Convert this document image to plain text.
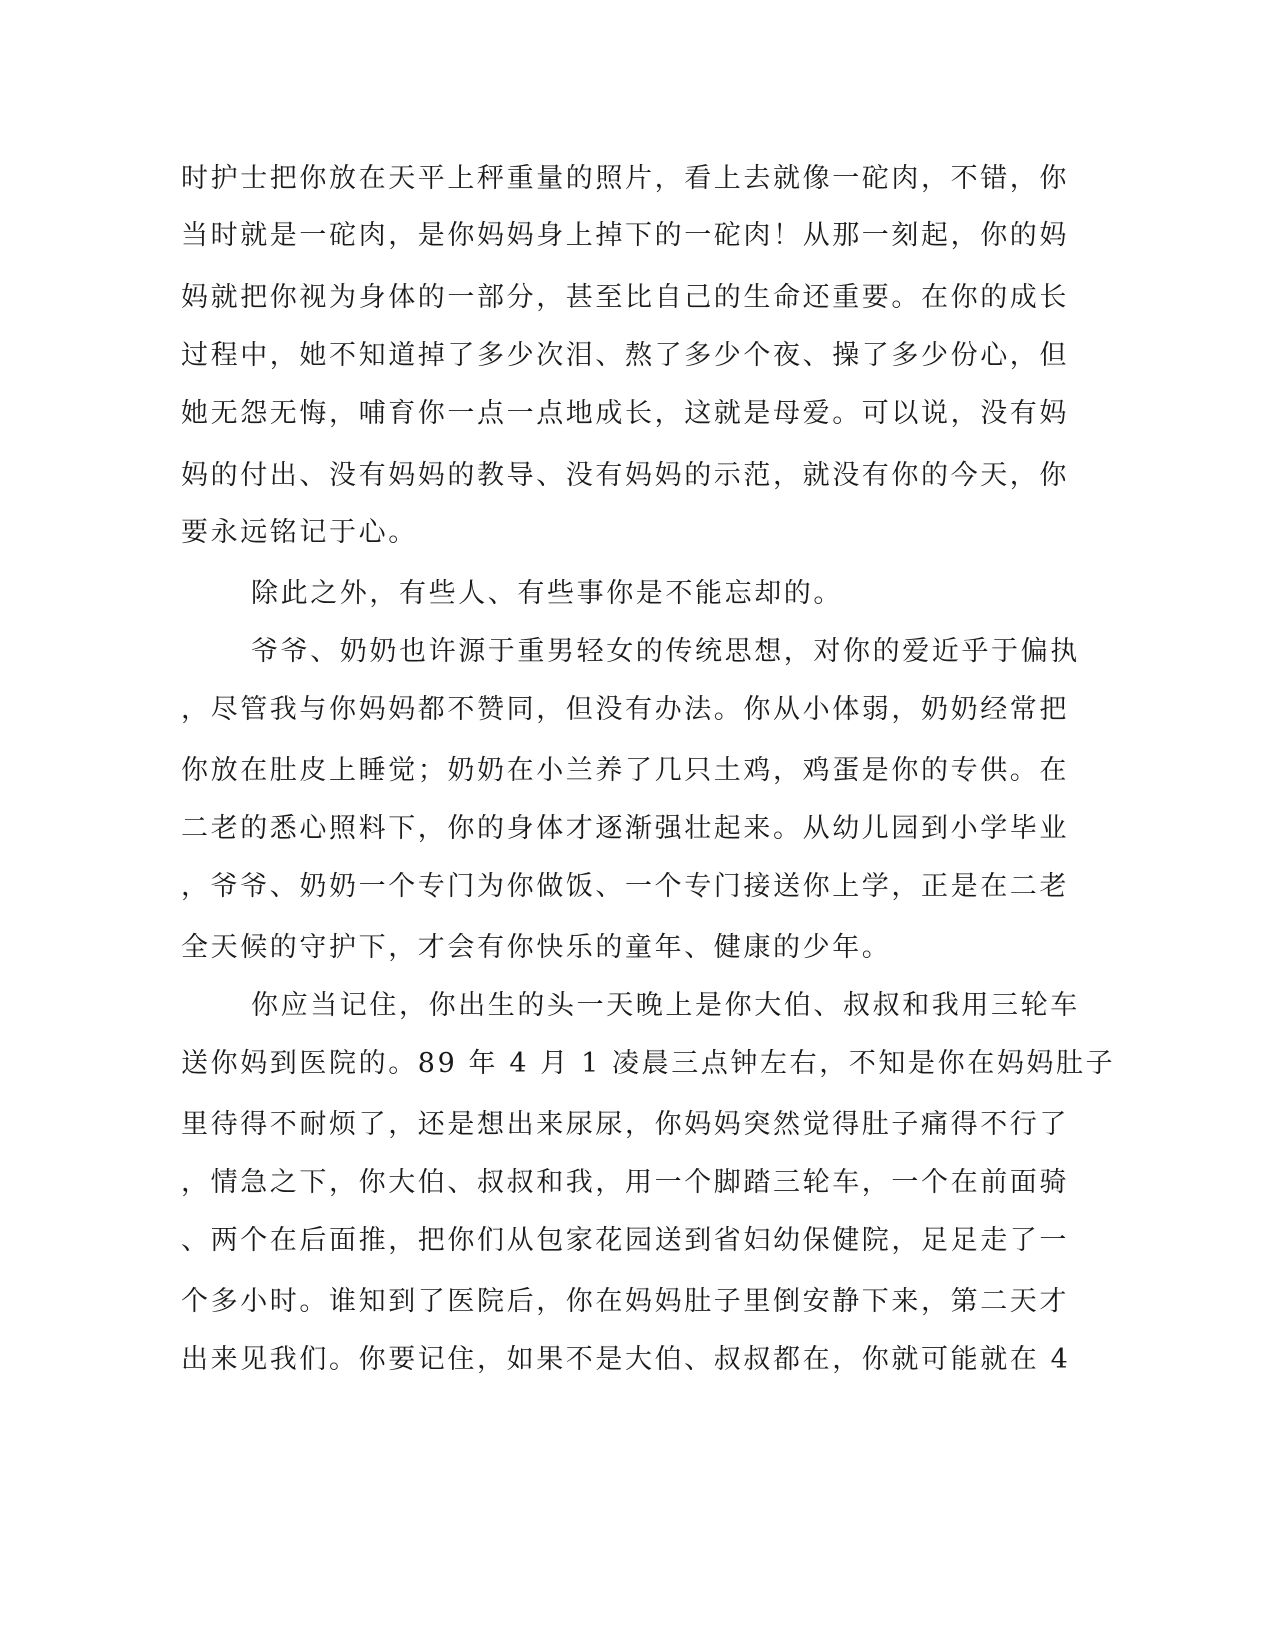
时护士把你放在天平上秤重量的照片，看上去就像一砣肉，不错，你
当时就是一砣肉，是你妈妈身上掉下的一砣肉！从那一刻起，你的妈
妈就把你视为身体的一部分，甚至比自己的生命还重要。在你的成长
过程中，她不知道掉了多少次泪、熬了多少个夜、操了多少份心，但
她无怨无悔，哺育你一点一点地成长，这就是母爱。可以说，没有妈
妈的付出、没有妈妈的教导、没有妈妈的示范，就没有你的今天，你
要永远铭记于心。
除此之外，有些人、有些事你是不能忘却的。
爷爷、奶奶也许源于重男轻女的传统思想，对你的爱近乎于偏执
，尽管我与你妈妈都不赞同，但没有办法。你从小体弱，奶奶经常把
你放在肚皮上睡觉；奶奶在小兰养了几只土鸡，鸡蛋是你的专供。在
二老的悉心照料下，你的身体才逐渐强壮起来。从幼儿园到小学毕业
，爷爷、奶奶一个专门为你做饭、一个专门接送你上学，正是在二老
全天候的守护下，才会有你快乐的童年、健康的少年。
你应当记住，你出生的头一天晚上是你大伯、叔叔和我用三轮车
送你妈到医院的。89 年 4 月 1 凌晨三点钟左右，不知是你在妈妈肚子
里待得不耐烦了，还是想出来尿尿，你妈妈突然觉得肚子痛得不行了
，情急之下，你大伯、叔叔和我，用一个脚踏三轮车，一个在前面骑
、两个在后面推，把你们从包家花园送到省妇幼保健院，足足走了一
个多小时。谁知到了医院后，你在妈妈肚子里倒安静下来，第二天才
出来见我们。你要记住，如果不是大伯、叔叔都在，你就可能就在 4
